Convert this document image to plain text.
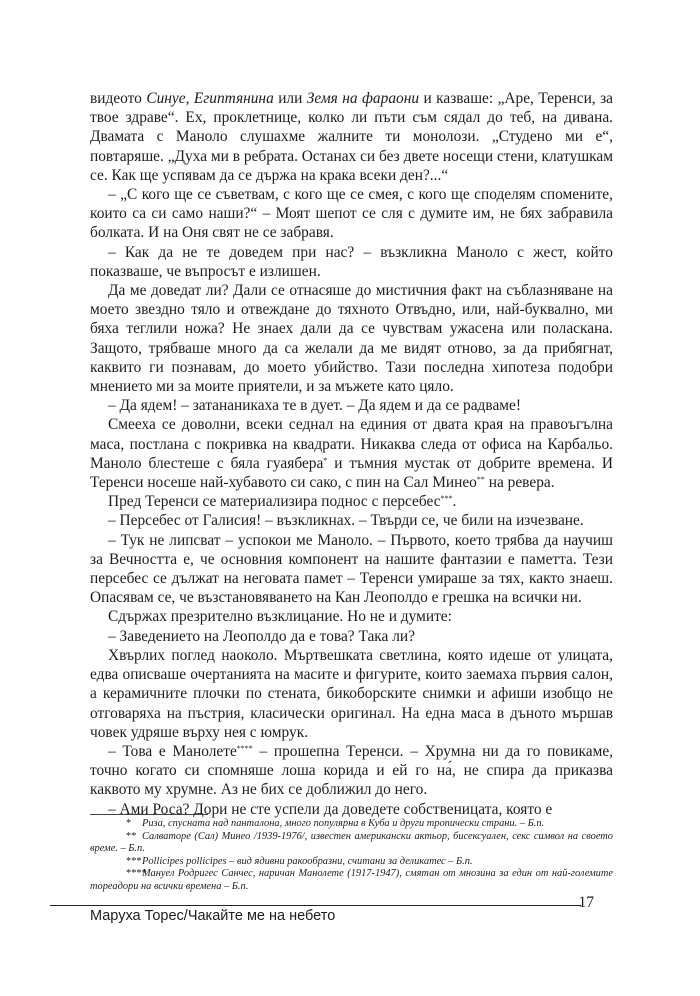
видеото Синуе, Египтянина или Земя на фараони и казваше: „Аре, Теренси, за твое здраве“. Ех, проклетнице, колко ли пъти съм сядал до теб, на дивана. Двамата с Маноло слушахме жалните ти монолози. „Студено ми е“, повтаряше. „Духа ми в ребрата. Останах си без двете носещи стени, клатушкам се. Как ще успявам да се държа на крака всеки ден?...“

– „С кого ще се съветвам, с кого ще се смея, с кого ще споделям спомените, които са си само наши?“ – Моят шепот се сля с думите им, не бях забравила болката. И на Оня свят не се забравя.

– Как да не те доведем при нас? – възкликна Маноло с жест, който показваше, че въпросът е излишен.

Да ме доведат ли? Дали се отнасяше до мистичния факт на съблазняване на моето звездно тяло и отвеждане до тяхното Отвъдно, или, най-буквално, ми бяха теглили ножа? Не знаех дали да се чувствам ужасена или поласкана. Защото, трябваше много да са желали да ме видят отново, за да прибягнат, каквито ги познавам, до моето убийство. Тази последна хипотеза подобри мнението ми за моите приятели, и за мъжете като цяло.

– Да ядем! – затананикаха те в дует. – Да ядем и да се радваме!

Смееха се доволни, всеки седнал на единия от двата края на правоъгълна маса, постлана с покривка на квадрати. Никаква следа от офиса на Карбальо. Маноло блестеше с бяла гуаябера* и тъмния мустак от добрите времена. И Теренси носеше най-хубавото си сако, с пин на Сал Минео** на ревера.

Пред Теренси се материализира поднос с персебес***.

– Персебес от Галисия! – възкликнах. – Твърди се, че били на изчезване.

– Тук не липсват – успокои ме Маноло. – Първото, което трябва да научиш за Вечността е, че основния компонент на нашите фантазии е паметта. Тези персебес се дължат на неговата памет – Теренси умираше за тях, както знаеш. Опасявам се, че възстановяването на Кан Леополдо е грешка на всички ни.

Сдържах презрително възклицание. Но не и думите:

– Заведението на Леополдо да е това? Така ли?

Хвърлих поглед наоколо. Мъртвешката светлина, която идеше от улицата, едва описваше очертанията на масите и фигурите, които заемаха първия салон, а керамичните плочки по стената, бикоборските снимки и афиши изобщо не отговаряха на пъстрия, класически оригинал. На една маса в дъното мършав човек удряше върху нея с юмрук.

– Това е Манолете**** – прошепна Теренси. – Хрумна ни да го повикаме, точно когато си спомняше лоша корида и ей го на́, не спира да приказва каквото му хрумне. Аз не бих се доближил до него.

– Ами Роса? Дори не сте успели да доведете собственицата, която е

* Риза, спусната над панталона, много популярна в Куба и други тропически страни. – Б.п.

** Салваторе (Сал) Минео /1939-1976/, известен американски актьор, бисексуален, секс символ на своето време. – Б.п.

***Pollicipes pollicipes – вид ядивни ракообразни, считани за деликатес – Б.п.

****Мануел Родригес Санчес, наричан Манолете (1917-1947), смятан от мнозина за един от най-големите тореадори на всички времена – Б.п.

Маруха Торес/Чакайте ме на небето
17
